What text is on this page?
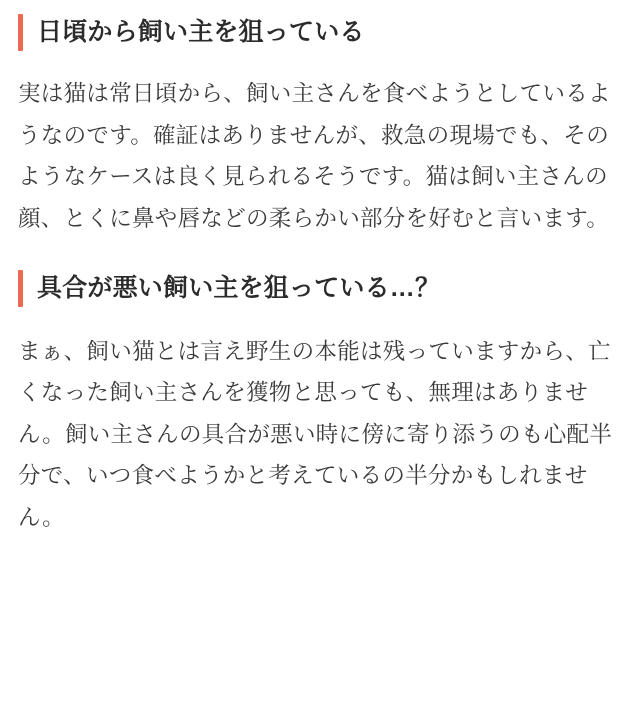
日頃から飼い主を狙っている

実は猫は常日頃から、飼い主さんを食べようとしているようなのです。確証はありませんが、救急の現場でも、そのようなケースは良く見られるそうです。猫は飼い主さんの顔、とくに鼻や唇などの柔らかい部分を好むと言います。

具合が悪い飼い主を狙っている…？

まぁ、飼い猫とは言え野生の本能は残っていますから、亡くなった飼い主さんを獲物と思っても、無理はありません。飼い主さんの具合が悪い時に傍に寄り添うのも心配半分で、いつ食べようかと考えているの半分かもしれません。
